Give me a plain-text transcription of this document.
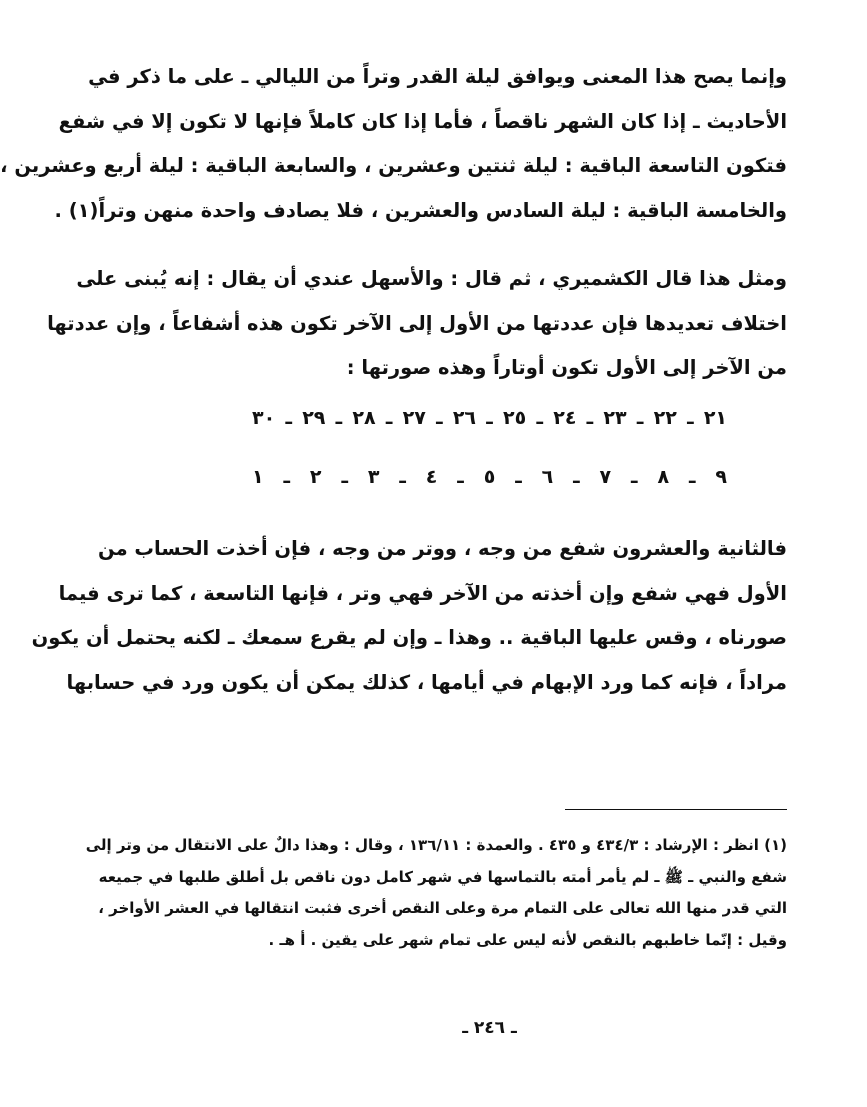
وإنما يصح هذا المعنى ويوافق ليلة القدر وتراً من الليالي ـ على ما ذكر في
الأحاديث ـ إذا كان الشهر ناقصاً ، فأما إذا كان كاملاً فإنها لا تكون إلا في شفع
فتكون التاسعة الباقية : ليلة ثنتين وعشرين ، والسابعة الباقية : ليلة أربع وعشرين ،
والخامسة الباقية : ليلة السادس والعشرين ، فلا يصادف واحدة منهن وتراً(١) .
ومثل هذا قال الكشميري ، ثم قال : والأسهل عندي أن يقال : إنه يُبنى على
اختلاف تعديدها فإن عددتها من الأول إلى الآخر تكون هذه أشفاعاً ، وإن عددتها
من الآخر إلى الأول تكون أوتاراً وهذه صورتها :
٢١ ـ ٢٢ ـ ٢٣ ـ ٢٤ ـ ٢٥ ـ ٢٦ ـ ٢٧ ـ ٢٨ ـ ٢٩ ـ ٣٠
٩ ـ ٨ ـ ٧ ـ ٦ ـ ٥ ـ ٤ ـ ٣ ـ ٢ ـ ١
فالثانية والعشرون شفع من وجه ، ووتر من وجه ، فإن أخذت الحساب من
الأول فهي شفع وإن أخذته من الآخر فهي وتر ، فإنها التاسعة ، كما ترى فيما
صورناه ، وقس عليها الباقية .. وهذا ـ وإن لم يقرع سمعك ـ لكنه يحتمل أن يكون
مراداً ، فإنه كما ورد الإبهام في أيامها ، كذلك يمكن أن يكون ورد في حسابها
(١) انظر : الإرشاد : ٤٣٤/٣ و ٤٣٥ . والعمدة : ١٣٦/١١ ، وقال : وهذا دالٌ على الانتقال من وتر إلى
شفع والنبي ـ ﷺ ـ لم يأمر أمته بالتماسها في شهر كامل دون ناقص بل أطلق طلبها في جميعه
التي قدر منها الله تعالى على التمام مرة وعلى النقص أخرى فثبت انتقالها في العشر الأواخر ،
وقيل : إنّما خاطبهم بالنقص لأنه ليس على تمام شهر على يقين . أ هـ .
ـ ٢٤٦ ـ
